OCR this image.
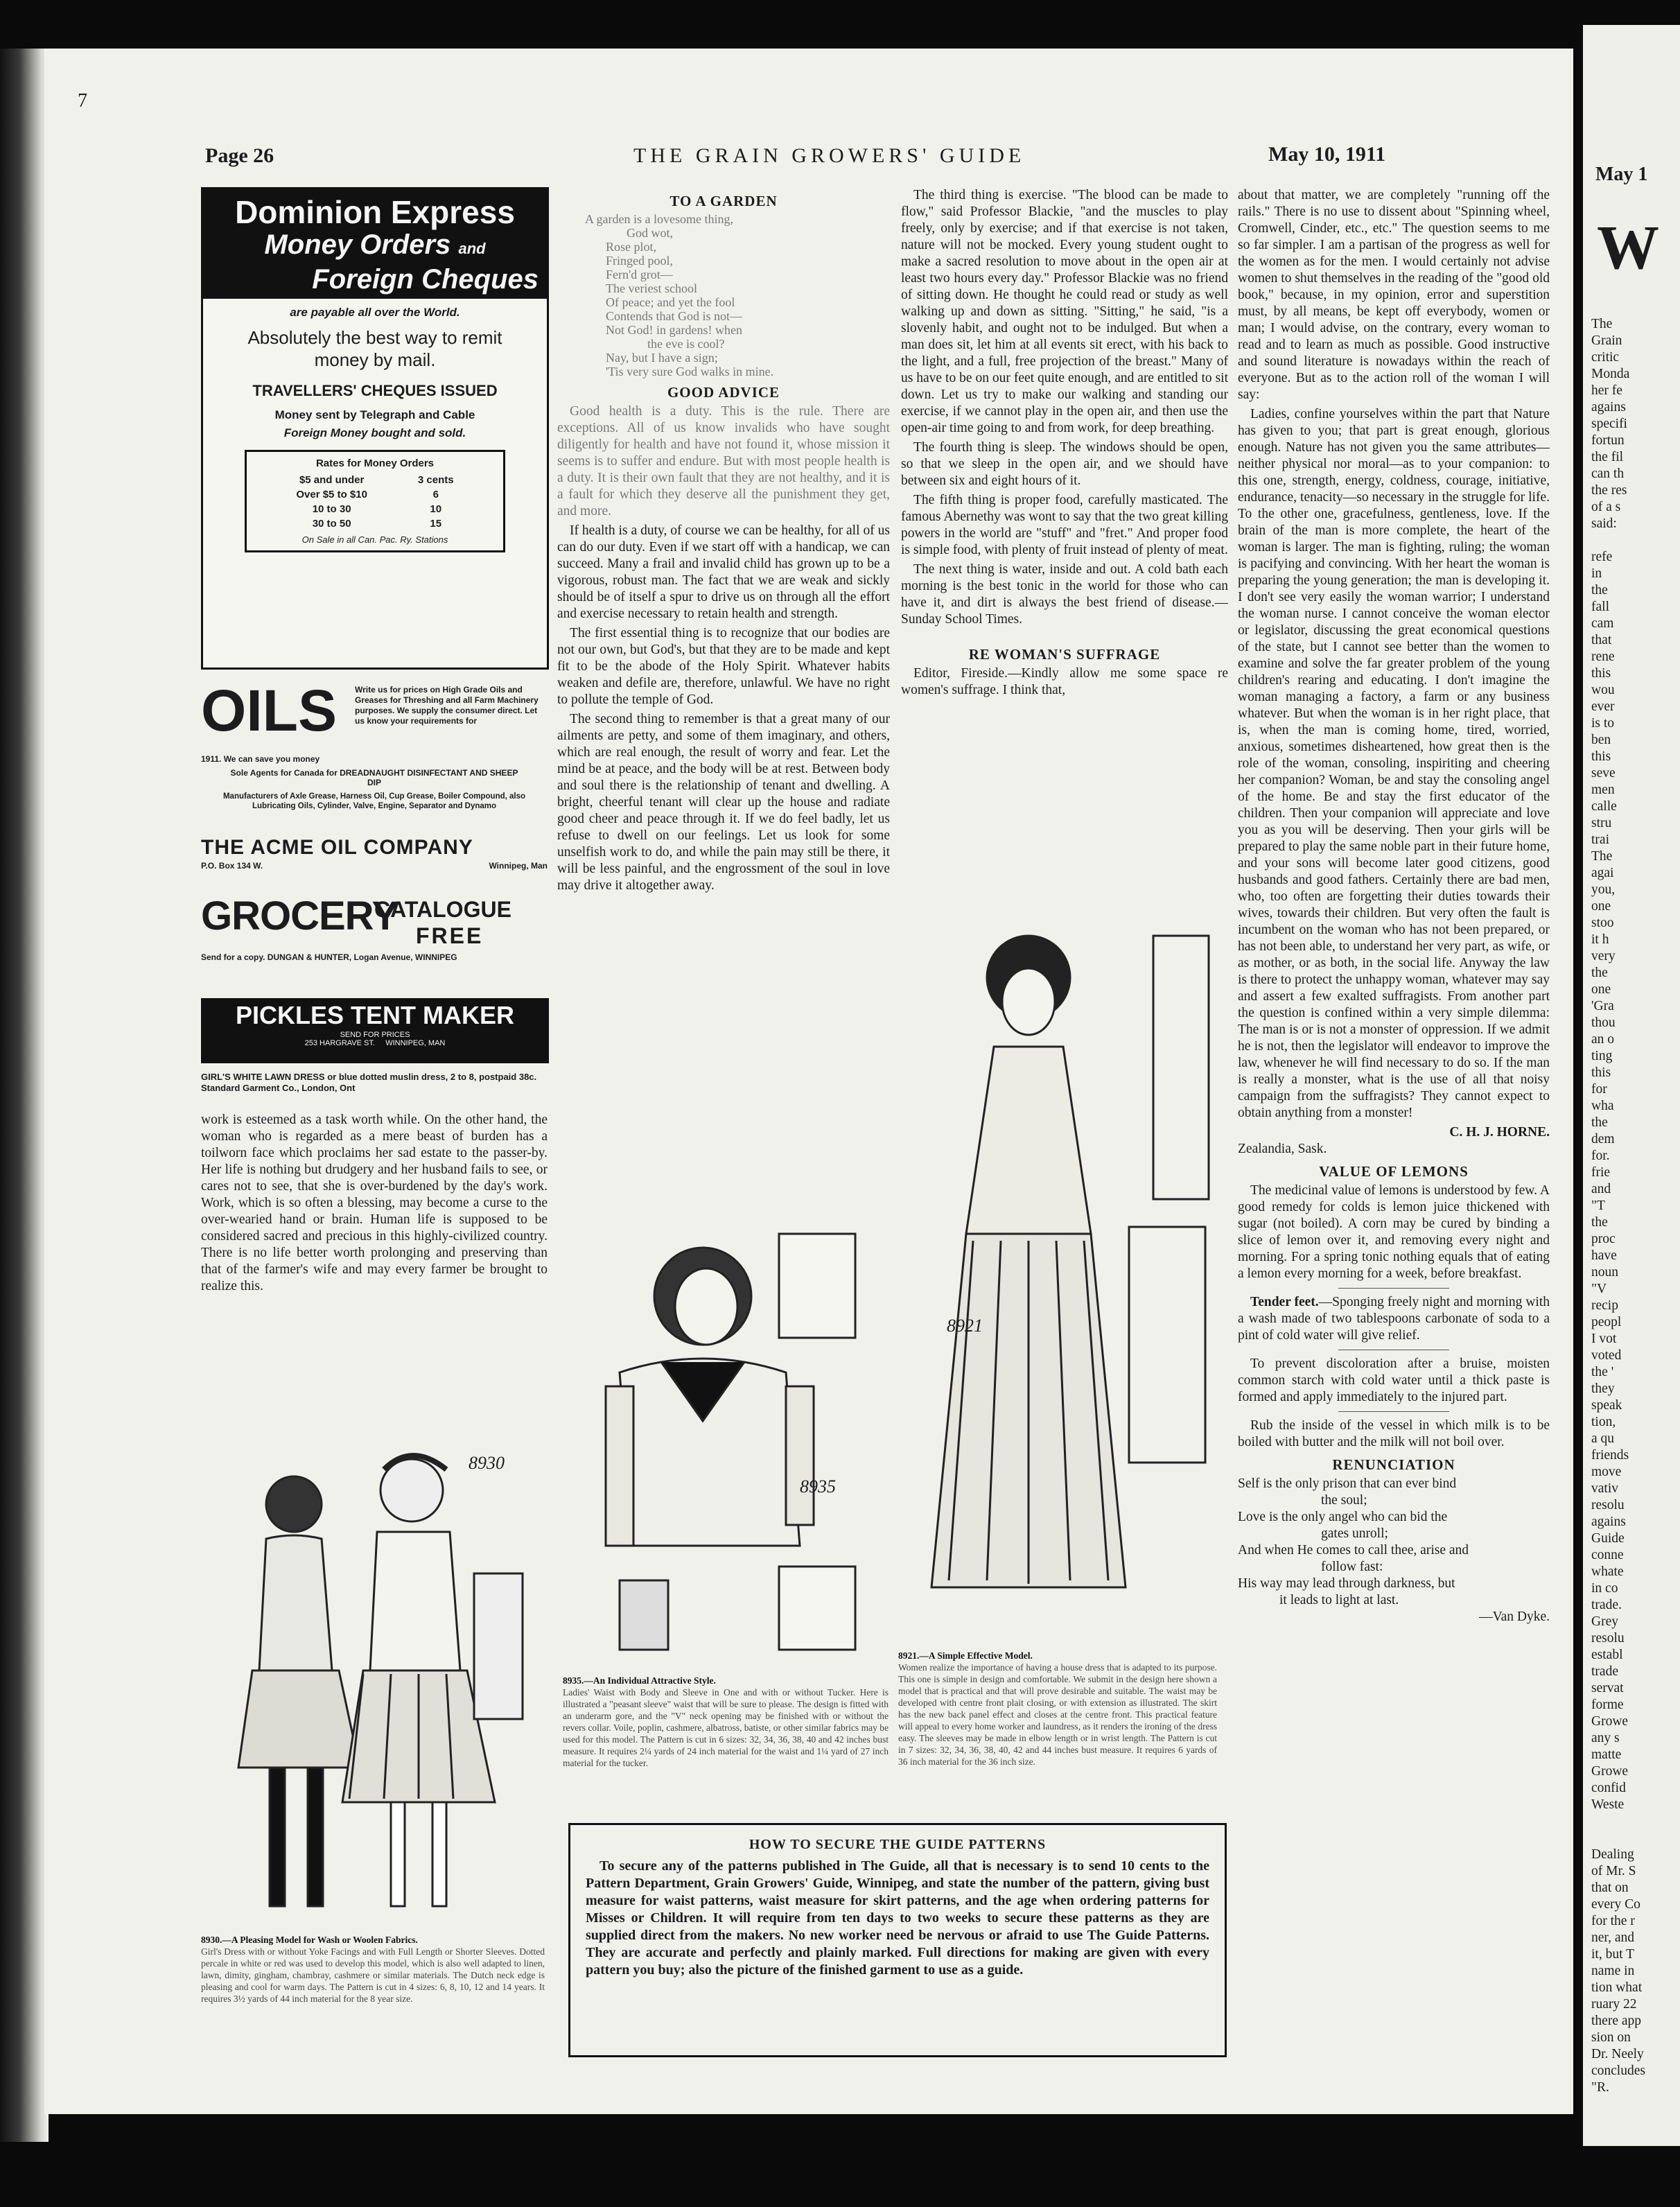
7
Page 26	THE GRAIN GROWERS' GUIDE	May 10, 1911
Dominion Express
Money Orders and
Foreign Cheques
are payable all over the World.
Absolutely the best way to remit money by mail.
TRAVELLERS' CHEQUES ISSUED
Money sent by Telegraph and Cable
Foreign Money bought and sold.
Rates for Money Orders
$5 and under	3 cents
Over $5 to $10	6
10 to 30	10
30 to 50	15
On Sale in all Can. Pac. Ry. Stations
OILS Write us for prices on High Grade Oils and Greases for Threshing and all Farm Machinery purposes. We supply the consumer direct. Let us know your requirements for
1911. We can save you money
Sole Agents for Canada for DREADNAUGHT DISINFECTANT AND SHEEP DIP
Manufacturers of Axle Grease, Harness Oil, Cup Grease, Boiler Compound, also Lubricating Oils, Cylinder, Valve, Engine, Separator and Dynamo
THE ACME OIL COMPANY
P.O. Box 134 W.	Winnipeg, Man
GROCERY
CATALOGUE
FREE
Send for a copy. DUNGAN & HUNTER, Logan Avenue, WINNIPEG
PICKLES TENT MAKER
SEND FOR PRICES
253 HARGRAVE ST. WINNIPEG, MAN
GIRL'S WHITE LAWN DRESS or blue dotted muslin dress, 2 to 8, postpaid 38c. Standard Garment Co., London, Ont

work is esteemed as a task worth while. On the other hand, the woman who is regarded as a mere beast of burden has a toilworn face which proclaims her sad estate to the passer-by. Her life is nothing but drudgery and her husband fails to see, or cares not to see, that she is over-burdened by the day's work. Work, which is so often a blessing, may become a curse to the over-wearied hand or brain. Human life is supposed to be considered sacred and precious in this highly-civilized country. There is no life better worth prolonging and preserving than that of the farmer's wife and may every farmer be brought to realize this.

TO A GARDEN
A garden is a lovesome thing,
God wot,
Rose plot,
Fringed pool,
Fern'd grot—
The veriest school
Of peace; and yet the fool
Contends that God is not—
Not God! in gardens! when
the eve is cool?
Nay, but I have a sign;
'Tis very sure God walks in mine.
GOOD ADVICE

Good health is a duty. This is the rule. There are exceptions. All of us know invalids who have sought diligently for health and have not found it, whose mission it seems is to suffer and endure. But with most people health is a duty. It is their own fault that they are not healthy, and it is a fault for which they deserve all the punishment they get, and more.

If health is a duty, of course we can be healthy, for all of us can do our duty. Even if we start off with a handicap, we can succeed. Many a frail and invalid child has grown up to be a vigorous, robust man. The fact that we are weak and sickly should be of itself a spur to drive us on through all the effort and exercise necessary to retain health and strength.

The first essential thing is to recognize that our bodies are not our own, but God's, but that they are to be made and kept fit to be the abode of the Holy Spirit. Whatever habits weaken and defile are, therefore, unlawful. We have no right to pollute the temple of God.

The second thing to remember is that a great many of our ailments are petty, and some of them imaginary, and others, which are real enough, the result of worry and fear. Let the mind be at peace, and the body will be at rest. Between body and soul there is the relationship of tenant and dwelling. A bright, cheerful tenant will clear up the house and radiate good cheer and peace through it. If we do feel badly, let us refuse to dwell on our feelings. Let us look for some unselfish work to do, and while the pain may still be there, it will be less painful, and the engrossment of the soul in love may drive it altogether away.

The third thing is exercise. "The blood can be made to flow," said Professor Blackie, "and the muscles to play freely, only by exercise; and if that exercise is not taken, nature will not be mocked. Every young student ought to make a sacred resolution to move about in the open air at least two hours every day." Professor Blackie was no friend of sitting down. He thought he could read or study as well walking up and down as sitting. "Sitting," he said, "is a slovenly habit, and ought not to be indulged. But when a man does sit, let him at all events sit erect, with his back to the light, and a full, free projection of the breast." Many of us have to be on our feet quite enough, and are entitled to sit down. Let us try to make our walking and standing our exercise, if we cannot play in the open air, and then use the open-air time going to and from work, for deep breathing.

The fourth thing is sleep. The windows should be open, so that we sleep in the open air, and we should have between six and eight hours of it.

The fifth thing is proper food, carefully masticated. The famous Abernethy was wont to say that the two great killing powers in the world are "stuff" and "fret." And proper food is simple food, with plenty of fruit instead of plenty of meat.

The next thing is water, inside and out. A cold bath each morning is the best tonic in the world for those who can have it, and dirt is always the best friend of disease.—Sunday School Times.

RE WOMAN'S SUFFRAGE

Editor, Fireside.—Kindly allow me some space re women's suffrage. I think that,

about that matter, we are completely "running off the rails." There is no use to dissent about "Spinning wheel, Cromwell, Cinder, etc., etc." The question seems to me so far simpler. I am a partisan of the progress as well for the women as for the men. I would certainly not advise women to shut themselves in the reading of the "good old book," because, in my opinion, error and superstition must, by all means, be kept off everybody, women or man; I would advise, on the contrary, every woman to read and to learn as much as possible. Good instructive and sound literature is nowadays within the reach of everyone. But as to the action roll of the woman I will say:

Ladies, confine yourselves within the part that Nature has given to you; that part is great enough, glorious enough. Nature has not given you the same attributes—neither physical nor moral—as to your companion: to this one, strength, energy, coldness, courage, initiative, endurance, tenacity—so necessary in the struggle for life. To the other one, gracefulness, gentleness, love. If the brain of the man is more complete, the heart of the woman is larger. The man is fighting, ruling; the woman is pacifying and convincing. With her heart the woman is preparing the young generation; the man is developing it. I don't see very easily the woman warrior; I understand the woman nurse. I cannot conceive the woman elector or legislator, discussing the great economical questions of the state, but I cannot see better than the women to examine and solve the far greater problem of the young children's rearing and educating. I don't imagine the woman managing a factory, a farm or any business whatever. But when the woman is in her right place, that is, when the man is coming home, tired, worried, anxious, sometimes disheartened, how great then is the role of the woman, consoling, inspiriting and cheering her companion? Woman, be and stay the consoling angel of the home. Be and stay the first educator of the children. Then your companion will appreciate and love you as you will be deserving. Then your girls will be prepared to play the same noble part in their future home, and your sons will become later good citizens, good husbands and good fathers. Certainly there are bad men, who, too often are forgetting their duties towards their wives, towards their children. But very often the fault is incumbent on the woman who has not been prepared, or has not been able, to understand her very part, as wife, or as mother, or as both, in the social life. Anyway the law is there to protect the unhappy woman, whatever may say and assert a few exalted suffragists. From another part the question is confined within a very simple dilemma: The man is or is not a monster of oppression. If we admit he is not, then the legislator will endeavor to improve the law, whenever he will find necessary to do so. If the man is really a monster, what is the use of all that noisy campaign from the suffragists? They cannot expect to obtain anything from a monster!

C. H. J. HORNE.
Zealandia, Sask.
VALUE OF LEMONS

The medicinal value of lemons is understood by few. A good remedy for colds is lemon juice thickened with sugar (not boiled). A corn may be cured by binding a slice of lemon over it, and removing every night and morning. For a spring tonic nothing equals that of eating a lemon every morning for a week, before breakfast.

Tender feet.—Sponging freely night and morning with a wash made of two tablespoons carbonate of soda to a pint of cold water will give relief.

To prevent discoloration after a bruise, moisten common starch with cold water until a thick paste is formed and apply immediately to the injured part.

Rub the inside of the vessel in which milk is to be boiled with butter and the milk will not boil over.

RENUNCIATION
Self is the only prison that can ever bind
the soul;
Love is the only angel who can bid the
gates unroll;
And when He comes to call thee, arise and
follow fast:
His way may lead through darkness, but
it leads to light at last.
—Van Dyke.
8930
8935
8921
8930.—A Pleasing Model for Wash or Woolen Fabrics.
Girl's Dress with or without Yoke Facings and with Full Length or Shorter Sleeves. Dotted percale in white or red was used to develop this model, which is also well adapted to linen, lawn, dimity, gingham, chambray, cashmere or similar materials. The Dutch neck edge is pleasing and cool for warm days. The Pattern is cut in 4 sizes: 6, 8, 10, 12 and 14 years. It requires 3½ yards of 44 inch material for the 8 year size.
8935.—An Individual Attractive Style.
Ladies' Waist with Body and Sleeve in One and with or without Tucker. Here is illustrated a "peasant sleeve" waist that will be sure to please. The design is fitted with an underarm gore, and the "V" neck opening may be finished with or without the revers collar. Voile, poplin, cashmere, albatross, batiste, or other similar fabrics may be used for this model. The Pattern is cut in 6 sizes: 32, 34, 36, 38, 40 and 42 inches bust measure. It requires 2¼ yards of 24 inch material for the waist and 1¼ yard of 27 inch material for the tucker.
8921.—A Simple Effective Model.
Women realize the importance of having a house dress that is adapted to its purpose. This one is simple in design and comfortable. We submit in the design here shown a model that is practical and that will prove desirable and suitable. The waist may be developed with centre front plait closing, or with extension as illustrated. The skirt has the new back panel effect and closes at the centre front. This practical feature will appeal to every home worker and laundress, as it renders the ironing of the dress easy. The sleeves may be made in elbow length or in wrist length. The Pattern is cut in 7 sizes: 32, 34, 36, 38, 40, 42 and 44 inches bust measure. It requires 6 yards of 36 inch material for the 36 inch size.
HOW TO SECURE THE GUIDE PATTERNS
To secure any of the patterns published in The Guide, all that is necessary is to send 10 cents to the Pattern Department, Grain Growers' Guide, Winnipeg, and state the number of the pattern, giving bust measure for waist patterns, waist measure for skirt patterns, and the age when ordering patterns for Misses or Children. It will require from ten days to two weeks to secure these patterns as they are supplied direct from the makers. No new worker need be nervous or afraid to use The Guide Patterns. They are accurate and perfectly and plainly marked. Full directions for making are given with every pattern you buy; also the picture of the finished garment to use as a guide.
May 1
W
The
Grain
critic
Monda
her fe
agains
specifi
fortun
the fil
can th
the res
of a s
said:
refe
in
the
fall
cam
that
rene
this
wou
ever
is to
ben
this
seve
men
calle
stru
trai
The
agai
you,
one
stoo
it h
very
the
one
'Gra
thou
an o
ting
this
for
wha
the
dem
for.
frie
and
"T
the
proc
have
noun
"V
recip
peopl
I vot
voted
the '
they
speak
tion,
a qu
friends
move
vativ
resolu
agains
Guide
conne
whate
in co
trade.
Grey
resolu
establ
trade
servat
forme
Growe
any s
matte
Growe
confid
Weste
Dealing
of Mr. S
that on
every Co
for the r
ner, and
it, but T
name in
tion what
ruary 22
there app
sion on
Dr. Neely
concludes
"R.
